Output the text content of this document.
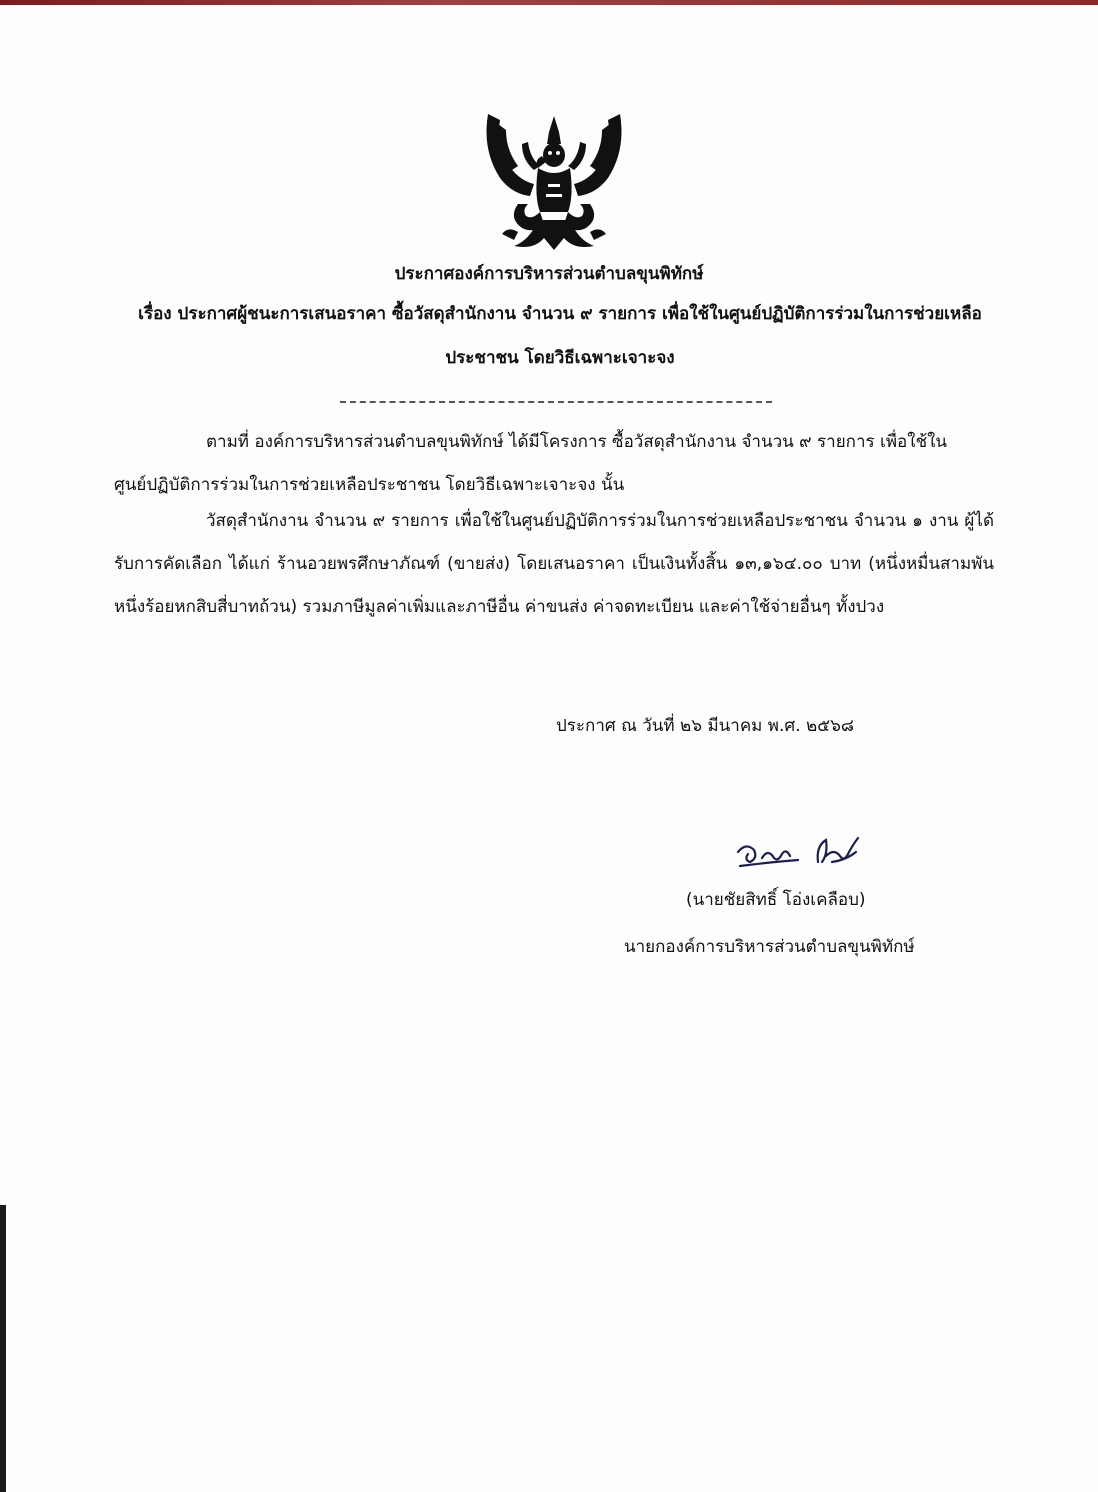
ประกาศองค์การบริหารส่วนตำบลขุนพิทักษ์
เรื่อง ประกาศผู้ชนะการเสนอราคา ซื้อวัสดุสำนักงาน จำนวน ๙ รายการ เพื่อใช้ในศูนย์ปฏิบัติการร่วมในการช่วยเหลือประชาชน โดยวิธีเฉพาะเจาะจง
ตามที่ องค์การบริหารส่วนตำบลขุนพิทักษ์ ได้มีโครงการ ซื้อวัสดุสำนักงาน จำนวน ๙ รายการ เพื่อใช้ใน
ศูนย์ปฏิบัติการร่วมในการช่วยเหลือประชาชน โดยวิธีเฉพาะเจาะจง นั้น
วัสดุสำนักงาน จำนวน ๙ รายการ เพื่อใช้ในศูนย์ปฏิบัติการร่วมในการช่วยเหลือประชาชน จำนวน ๑ งาน ผู้ได้รับการคัดเลือก ได้แก่ ร้านอวยพรศึกษาภัณฑ์ (ขายส่ง) โดยเสนอราคา เป็นเงินทั้งสิ้น ๑๓,๑๖๔.๐๐ บาท (หนึ่งหมื่นสามพันหนึ่งร้อยหกสิบสี่บาทถ้วน) รวมภาษีมูลค่าเพิ่มและภาษีอื่น ค่าขนส่ง ค่าจดทะเบียน และค่าใช้จ่ายอื่นๆ ทั้งปวง
ประกาศ ณ วันที่ ๒๖ มีนาคม พ.ศ. ๒๕๖๘
(นายชัยสิทธิ์ โอ่งเคลือบ)
นายกองค์การบริหารส่วนตำบลขุนพิทักษ์
